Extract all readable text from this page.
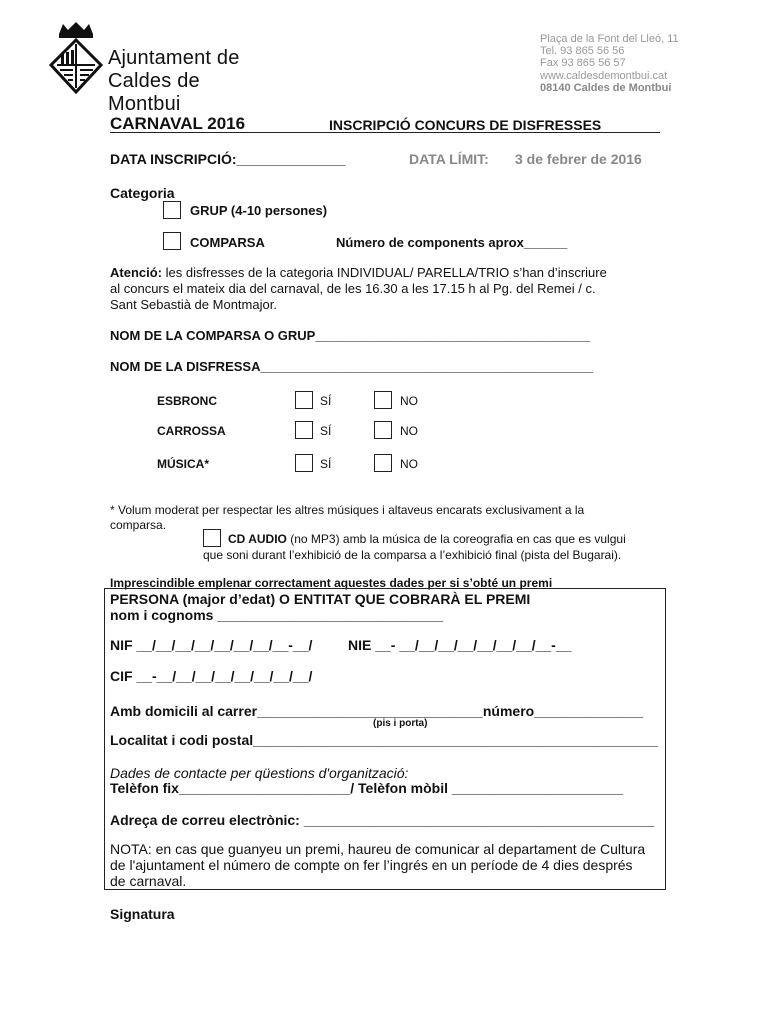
Ajuntament de
Caldes de Montbui
Plaça de la Font del Lleó, 11
Tel. 93 865 56 56
Fax 93 865 56 57
www.caldesdemontbui.cat
08140 Caldes de Montbui
CARNAVAL 2016	INSCRIPCIÓ CONCURS DE DISFRESSES
DATA INSCRIPCIÓ:______________	DATA LÍMIT: 3 de febrer de 2016
Categoria
GRUP (4-10 persones)
COMPARSA	Número de components aprox______
Atenció: les disfresses de la categoria INDIVIDUAL/ PARELLA/TRIO s’han d’inscriure
al concurs el mateix dia del carnaval, de les 16.30 a les 17.15 h al Pg. del Remei / c.
Sant Sebastià de Montmajor.
NOM DE LA COMPARSA O GRUP______________________________________
NOM DE LA DISFRESSA______________________________________________
ESBRONC	SÍ	NO
CARROSSA	SÍ	NO
MÚSICA*	SÍ	NO
* Volum moderat per respectar les altres músiques i altaveus encarats exclusivament a la
comparsa.
CD AUDIO (no MP3) amb la música de la coreografia en cas que es vulgui
que soni durant l’exhibició de la comparsa a l’exhibició final (pista del Bugarai).
Imprescindible emplenar correctament aquestes dades per si s’obté un premi
PERSONA (major d’edat) O ENTITAT QUE COBRARÀ EL PREMI
nom i cognoms _____________________________
NIF __/__/__/__/__/__/__/__-__/	NIE __- __/__/__/__/__/__/__/__-__
CIF __-__/__/__/__/__/__/__/__/
Amb domicili al carrer_____________________________número______________
(pis i porta)
Localitat i codi postal____________________________________________________
Dades de contacte per qüestions d'organització:
Telèfon fix______________________/ Telèfon mòbil ______________________
Adreça de correu electrònic: _____________________________________________
NOTA: en cas que guanyeu un premi, haureu de comunicar al departament de Cultura
de l'ajuntament el número de compte on fer l’ingrés en un període de 4 dies després
de carnaval.
Signatura
